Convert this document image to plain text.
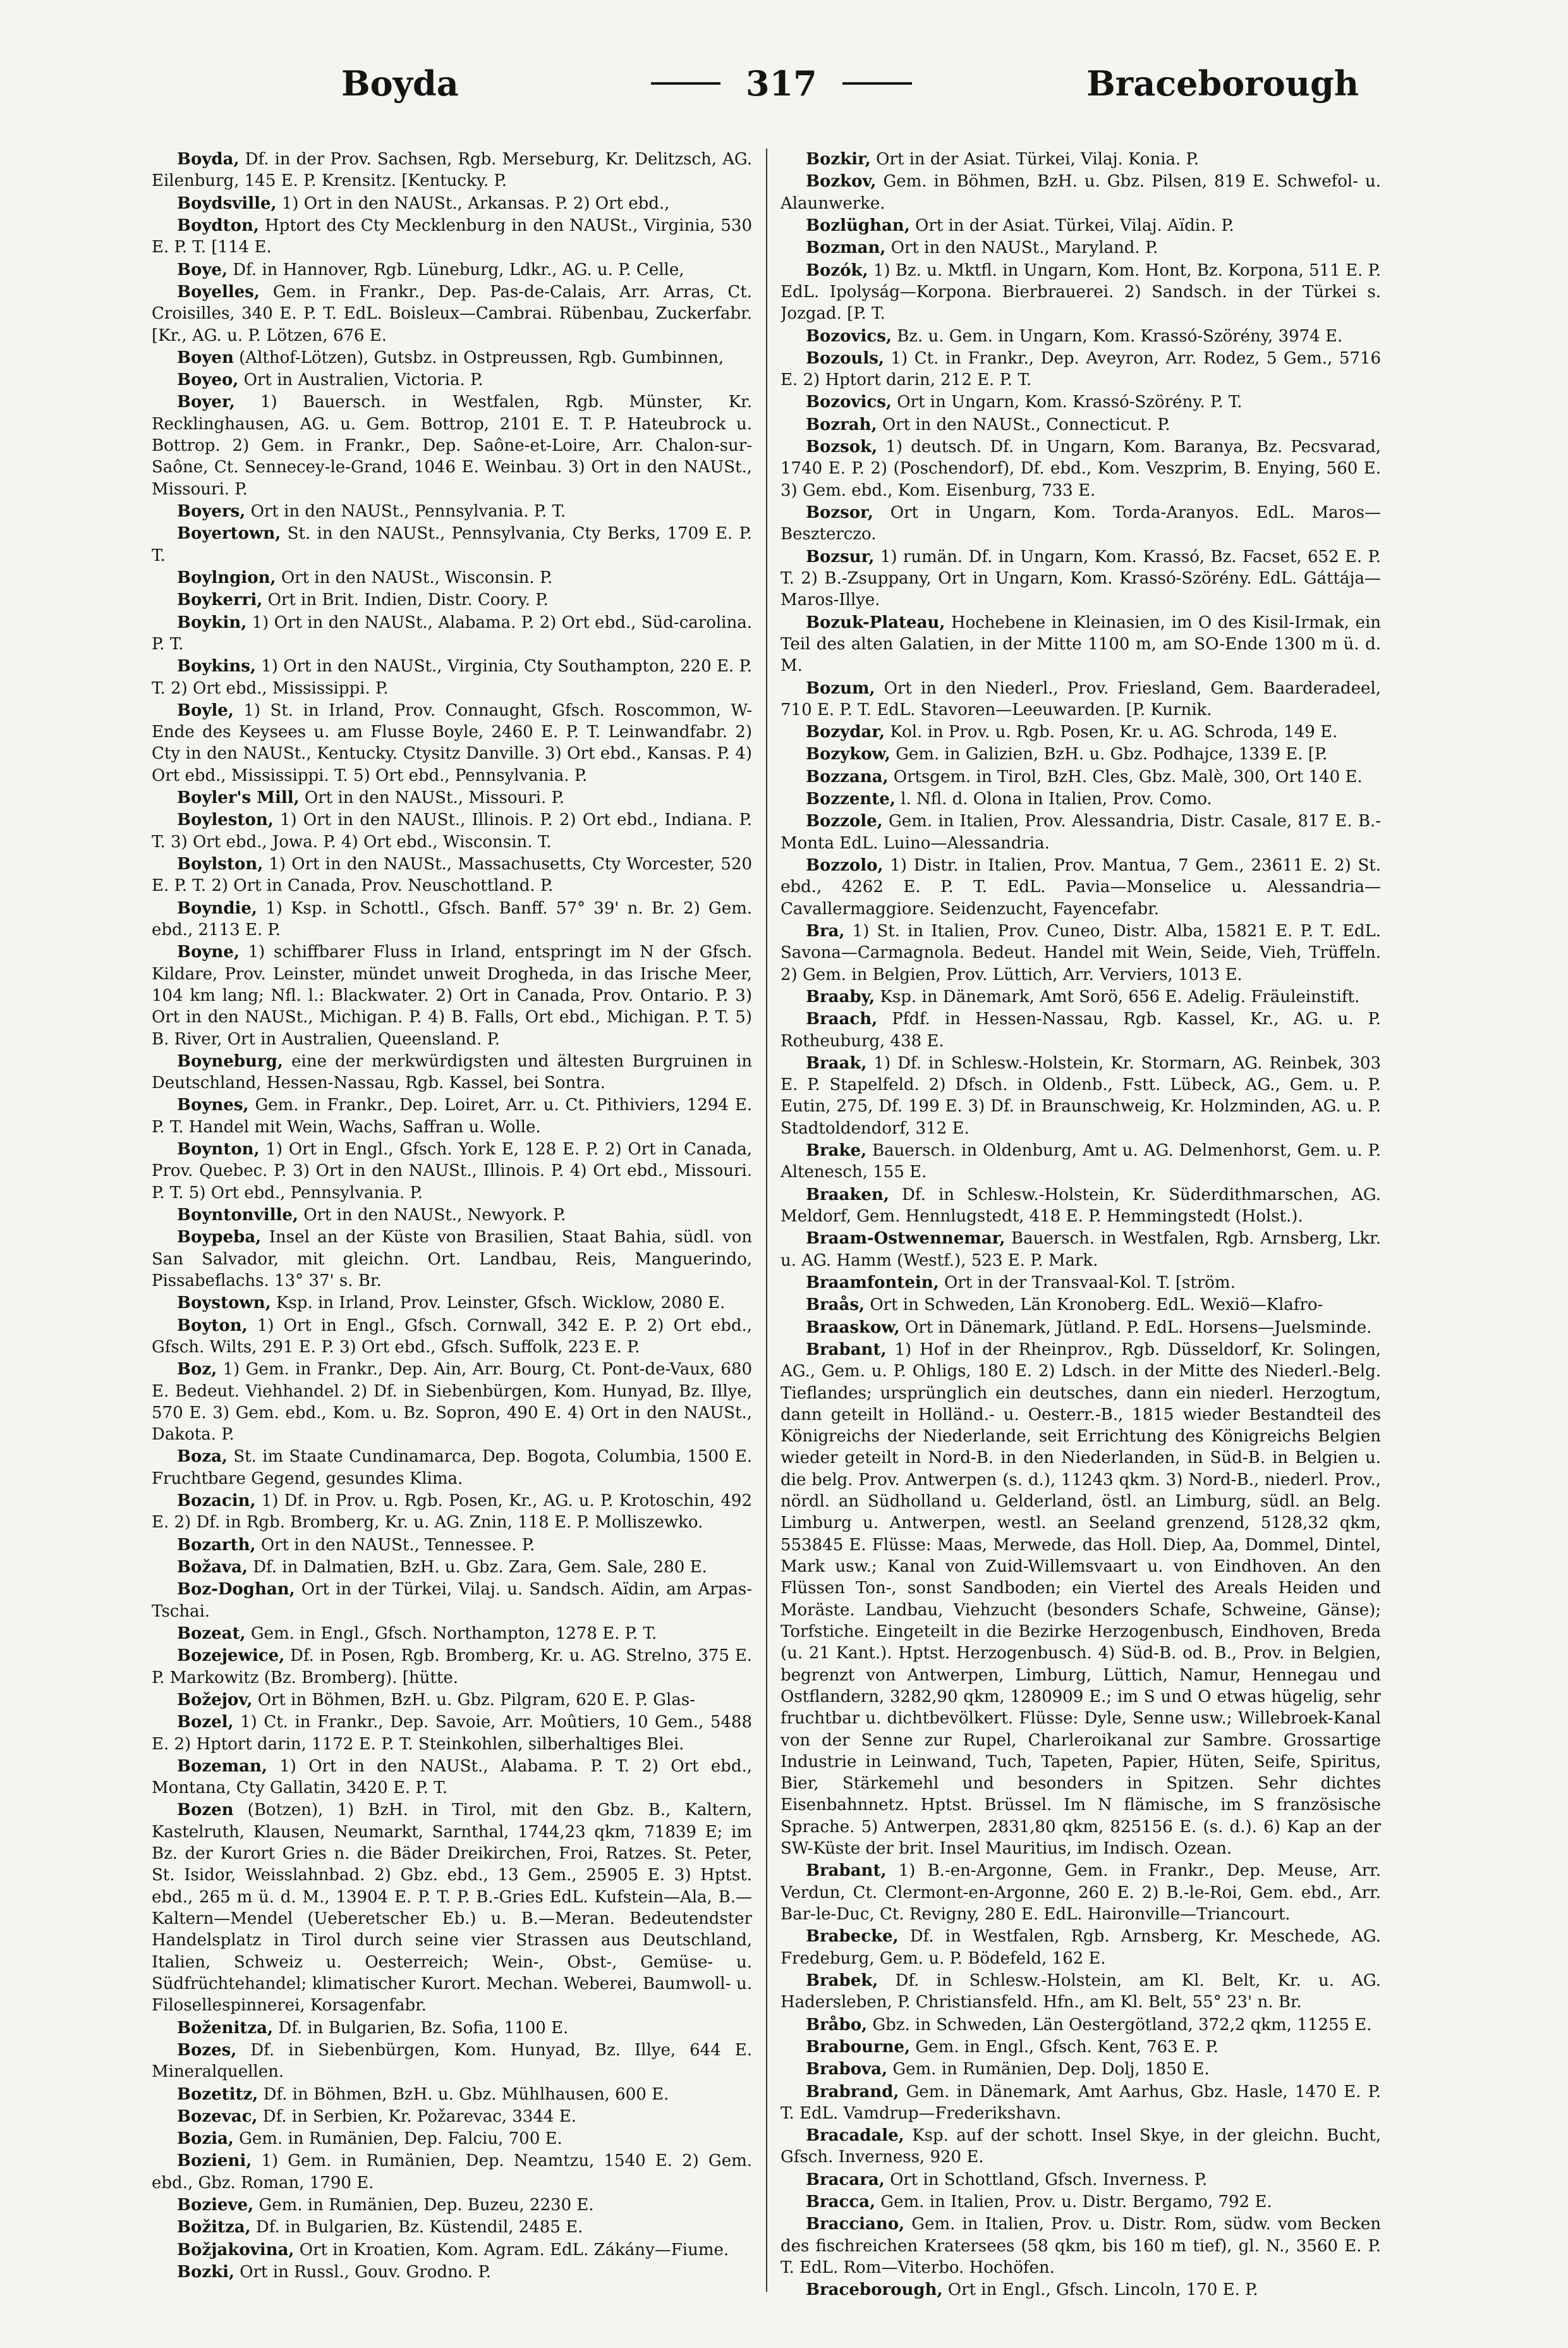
Boyda	317	Braceborough

Boyda, Df. in der Prov. Sachsen, Rgb. Merseburg, Kr. Delitzsch, AG. Eilenburg, 145 E. P. Krensitz. [Kentucky. P.

Boydsville, 1) Ort in den NAUSt., Arkansas. P. 2) Ort ebd.,

Boydton, Hptort des Cty Mecklenburg in den NAUSt., Virginia, 530 E. P. T. [114 E.

Boye, Df. in Hannover, Rgb. Lüneburg, Ldkr., AG. u. P. Celle,

Boyelles, Gem. in Frankr., Dep. Pas-de-Calais, Arr. Arras, Ct. Croisilles, 340 E. P. T. EdL. Boisleux—Cambrai. Rübenbau, Zuckerfabr. [Kr., AG. u. P. Lötzen, 676 E.

Boyen (Althof-Lötzen), Gutsbz. in Ostpreussen, Rgb. Gumbinnen,

Boyeo, Ort in Australien, Victoria. P.

Boyer, 1) Bauersch. in Westfalen, Rgb. Münster, Kr. Recklinghausen, AG. u. Gem. Bottrop, 2101 E. T. P. Hateubrock u. Bottrop. 2) Gem. in Frankr., Dep. Saône-et-Loire, Arr. Chalon-sur-Saône, Ct. Sennecey-le-Grand, 1046 E. Weinbau. 3) Ort in den NAUSt., Missouri. P.

Boyers, Ort in den NAUSt., Pennsylvania. P. T.

Boyertown, St. in den NAUSt., Pennsylvania, Cty Berks, 1709 E. P. T.

Boylngion, Ort in den NAUSt., Wisconsin. P.

Boykerri, Ort in Brit. Indien, Distr. Coory. P.

Boykin, 1) Ort in den NAUSt., Alabama. P. 2) Ort ebd., Süd-carolina. P. T.

Boykins, 1) Ort in den NAUSt., Virginia, Cty Southampton, 220 E. P. T. 2) Ort ebd., Mississippi. P.

Boyle, 1) St. in Irland, Prov. Connaught, Gfsch. Roscommon, W-Ende des Keysees u. am Flusse Boyle, 2460 E. P. T. Leinwandfabr. 2) Cty in den NAUSt., Kentucky. Ctysitz Danville. 3) Ort ebd., Kansas. P. 4) Ort ebd., Mississippi. T. 5) Ort ebd., Pennsylvania. P.

Boyler's Mill, Ort in den NAUSt., Missouri. P.

Boyleston, 1) Ort in den NAUSt., Illinois. P. 2) Ort ebd., Indiana. P. T. 3) Ort ebd., Jowa. P. 4) Ort ebd., Wisconsin. T.

Boylston, 1) Ort in den NAUSt., Massachusetts, Cty Worcester, 520 E. P. T. 2) Ort in Canada, Prov. Neuschottland. P.

Boyndie, 1) Ksp. in Schottl., Gfsch. Banff. 57° 39' n. Br. 2) Gem. ebd., 2113 E. P.

Boyne, 1) schiffbarer Fluss in Irland, entspringt im N der Gfsch. Kildare, Prov. Leinster, mündet unweit Drogheda, in das Irische Meer, 104 km lang; Nfl. l.: Blackwater. 2) Ort in Canada, Prov. Ontario. P. 3) Ort in den NAUSt., Michigan. P. 4) B. Falls, Ort ebd., Michigan. P. T. 5) B. River, Ort in Australien, Queensland. P.

Boyneburg, eine der merkwürdigsten und ältesten Burgruinen in Deutschland, Hessen-Nassau, Rgb. Kassel, bei Sontra.

Boynes, Gem. in Frankr., Dep. Loiret, Arr. u. Ct. Pithiviers, 1294 E. P. T. Handel mit Wein, Wachs, Saffran u. Wolle.

Boynton, 1) Ort in Engl., Gfsch. York E, 128 E. P. 2) Ort in Canada, Prov. Quebec. P. 3) Ort in den NAUSt., Illinois. P. 4) Ort ebd., Missouri. P. T. 5) Ort ebd., Pennsylvania. P.

Boyntonville, Ort in den NAUSt., Newyork. P.

Boypeba, Insel an der Küste von Brasilien, Staat Bahia, südl. von San Salvador, mit gleichn. Ort. Landbau, Reis, Manguerindo, Pissabeflachs. 13° 37' s. Br.

Boystown, Ksp. in Irland, Prov. Leinster, Gfsch. Wicklow, 2080 E.

Boyton, 1) Ort in Engl., Gfsch. Cornwall, 342 E. P. 2) Ort ebd., Gfsch. Wilts, 291 E. P. 3) Ort ebd., Gfsch. Suffolk, 223 E. P.

Boz, 1) Gem. in Frankr., Dep. Ain, Arr. Bourg, Ct. Pont-de-Vaux, 680 E. Bedeut. Viehhandel. 2) Df. in Siebenbürgen, Kom. Hunyad, Bz. Illye, 570 E. 3) Gem. ebd., Kom. u. Bz. Sopron, 490 E. 4) Ort in den NAUSt., Dakota. P.

Boza, St. im Staate Cundinamarca, Dep. Bogota, Columbia, 1500 E. Fruchtbare Gegend, gesundes Klima.

Bozacin, 1) Df. in Prov. u. Rgb. Posen, Kr., AG. u. P. Krotoschin, 492 E. 2) Df. in Rgb. Bromberg, Kr. u. AG. Znin, 118 E. P. Molliszewko.

Bozarth, Ort in den NAUSt., Tennessee. P.

Božava, Df. in Dalmatien, BzH. u. Gbz. Zara, Gem. Sale, 280 E.

Boz-Doghan, Ort in der Türkei, Vilaj. u. Sandsch. Aïdin, am Arpas-Tschai.

Bozeat, Gem. in Engl., Gfsch. Northampton, 1278 E. P. T.

Bozejewice, Df. in Posen, Rgb. Bromberg, Kr. u. AG. Strelno, 375 E. P. Markowitz (Bz. Bromberg). [hütte.

Božejov, Ort in Böhmen, BzH. u. Gbz. Pilgram, 620 E. P. Glas-

Bozel, 1) Ct. in Frankr., Dep. Savoie, Arr. Moûtiers, 10 Gem., 5488 E. 2) Hptort darin, 1172 E. P. T. Steinkohlen, silberhaltiges Blei.

Bozeman, 1) Ort in den NAUSt., Alabama. P. T. 2) Ort ebd., Montana, Cty Gallatin, 3420 E. P. T.

Bozen (Botzen), 1) BzH. in Tirol, mit den Gbz. B., Kaltern, Kastelruth, Klausen, Neumarkt, Sarnthal, 1744,23 qkm, 71839 E; im Bz. der Kurort Gries n. die Bäder Dreikirchen, Froi, Ratzes. St. Peter, St. Isidor, Weisslahnbad. 2) Gbz. ebd., 13 Gem., 25905 E. 3) Hptst. ebd., 265 m ü. d. M., 13904 E. P. T. P. B.-Gries EdL. Kufstein—Ala, B.—Kaltern—Mendel (Ueberetscher Eb.) u. B.—Meran. Bedeutendster Handelsplatz in Tirol durch seine vier Strassen aus Deutschland, Italien, Schweiz u. Oesterreich; Wein-, Obst-, Gemüse- u. Südfrüchtehandel; klimatischer Kurort. Mechan. Weberei, Baumwoll- u. Filosellespinnerei, Korsagenfabr.

Boženitza, Df. in Bulgarien, Bz. Sofia, 1100 E.

Bozes, Df. in Siebenbürgen, Kom. Hunyad, Bz. Illye, 644 E. Mineralquellen.

Bozetitz, Df. in Böhmen, BzH. u. Gbz. Mühlhausen, 600 E.

Bozevac, Df. in Serbien, Kr. Požarevac, 3344 E.

Bozia, Gem. in Rumänien, Dep. Falciu, 700 E.

Bozieni, 1) Gem. in Rumänien, Dep. Neamtzu, 1540 E. 2) Gem. ebd., Gbz. Roman, 1790 E.

Bozieve, Gem. in Rumänien, Dep. Buzeu, 2230 E.

Božitza, Df. in Bulgarien, Bz. Küstendil, 2485 E.

Božjakovina, Ort in Kroatien, Kom. Agram. EdL. Zákány—Fiume.

Bozki, Ort in Russl., Gouv. Grodno. P.

Bozkir, Ort in der Asiat. Türkei, Vilaj. Konia. P.

Bozkov, Gem. in Böhmen, BzH. u. Gbz. Pilsen, 819 E. Schwefol- u. Alaunwerke.

Bozlüghan, Ort in der Asiat. Türkei, Vilaj. Aïdin. P.

Bozman, Ort in den NAUSt., Maryland. P.

Bozók, 1) Bz. u. Mktfl. in Ungarn, Kom. Hont, Bz. Korpona, 511 E. P. EdL. Ipolyság—Korpona. Bierbrauerei. 2) Sandsch. in der Türkei s. Jozgad. [P. T.

Bozovics, Bz. u. Gem. in Ungarn, Kom. Krassó-Szörény, 3974 E.

Bozouls, 1) Ct. in Frankr., Dep. Aveyron, Arr. Rodez, 5 Gem., 5716 E. 2) Hptort darin, 212 E. P. T.

Bozovics, Ort in Ungarn, Kom. Krassó-Szörény. P. T.

Bozrah, Ort in den NAUSt., Connecticut. P.

Bozsok, 1) deutsch. Df. in Ungarn, Kom. Baranya, Bz. Pecsvarad, 1740 E. P. 2) (Poschendorf), Df. ebd., Kom. Veszprim, B. Enying, 560 E. 3) Gem. ebd., Kom. Eisenburg, 733 E.

Bozsor, Ort in Ungarn, Kom. Torda-Aranyos. EdL. Maros—Beszterczo.

Bozsur, 1) rumän. Df. in Ungarn, Kom. Krassó, Bz. Facset, 652 E. P. T. 2) B.-Zsuppany, Ort in Ungarn, Kom. Krassó-Szörény. EdL. Gáttája—Maros-Illye.

Bozuk-Plateau, Hochebene in Kleinasien, im O des Kisil-Irmak, ein Teil des alten Galatien, in der Mitte 1100 m, am SO-Ende 1300 m ü. d. M.

Bozum, Ort in den Niederl., Prov. Friesland, Gem. Baarderadeel, 710 E. P. T. EdL. Stavoren—Leeuwarden. [P. Kurnik.

Bozydar, Kol. in Prov. u. Rgb. Posen, Kr. u. AG. Schroda, 149 E.

Bozykow, Gem. in Galizien, BzH. u. Gbz. Podhajce, 1339 E. [P.

Bozzana, Ortsgem. in Tirol, BzH. Cles, Gbz. Malè, 300, Ort 140 E.

Bozzente, l. Nfl. d. Olona in Italien, Prov. Como.

Bozzole, Gem. in Italien, Prov. Alessandria, Distr. Casale, 817 E. B.-Monta EdL. Luino—Alessandria.

Bozzolo, 1) Distr. in Italien, Prov. Mantua, 7 Gem., 23611 E. 2) St. ebd., 4262 E. P. T. EdL. Pavia—Monselice u. Alessandria—Cavallermaggiore. Seidenzucht, Fayencefabr.

Bra, 1) St. in Italien, Prov. Cuneo, Distr. Alba, 15821 E. P. T. EdL. Savona—Carmagnola. Bedeut. Handel mit Wein, Seide, Vieh, Trüffeln. 2) Gem. in Belgien, Prov. Lüttich, Arr. Verviers, 1013 E.

Braaby, Ksp. in Dänemark, Amt Sorö, 656 E. Adelig. Fräuleinstift.

Braach, Pfdf. in Hessen-Nassau, Rgb. Kassel, Kr., AG. u. P. Rotheuburg, 438 E.

Braak, 1) Df. in Schlesw.-Holstein, Kr. Stormarn, AG. Reinbek, 303 E. P. Stapelfeld. 2) Dfsch. in Oldenb., Fstt. Lübeck, AG., Gem. u. P. Eutin, 275, Df. 199 E. 3) Df. in Braunschweig, Kr. Holzminden, AG. u. P. Stadtoldendorf, 312 E.

Brake, Bauersch. in Oldenburg, Amt u. AG. Delmenhorst, Gem. u. P. Altenesch, 155 E.

Braaken, Df. in Schlesw.-Holstein, Kr. Süderdithmarschen, AG. Meldorf, Gem. Hennlugstedt, 418 E. P. Hemmingstedt (Holst.).

Braam-Ostwennemar, Bauersch. in Westfalen, Rgb. Arnsberg, Lkr. u. AG. Hamm (Westf.), 523 E. P. Mark.

Braamfontein, Ort in der Transvaal-Kol. T. [ström.

Braås, Ort in Schweden, Län Kronoberg. EdL. Wexiö—Klafro-

Braaskow, Ort in Dänemark, Jütland. P. EdL. Horsens—Juelsminde.

Brabant, 1) Hof in der Rheinprov., Rgb. Düsseldorf, Kr. Solingen, AG., Gem. u. P. Ohligs, 180 E. 2) Ldsch. in der Mitte des Niederl.-Belg. Tieflandes; ursprünglich ein deutsches, dann ein niederl. Herzogtum, dann geteilt in Holländ.- u. Oesterr.-B., 1815 wieder Bestandteil des Königreichs der Niederlande, seit Errichtung des Königreichs Belgien wieder geteilt in Nord-B. in den Niederlanden, in Süd-B. in Belgien u. die belg. Prov. Antwerpen (s. d.), 11243 qkm. 3) Nord-B., niederl. Prov., nördl. an Südholland u. Gelderland, östl. an Limburg, südl. an Belg. Limburg u. Antwerpen, westl. an Seeland grenzend, 5128,32 qkm, 553845 E. Flüsse: Maas, Merwede, das Holl. Diep, Aa, Dommel, Dintel, Mark usw.; Kanal von Zuid-Willemsvaart u. von Eindhoven. An den Flüssen Ton-, sonst Sandboden; ein Viertel des Areals Heiden und Moräste. Landbau, Viehzucht (besonders Schafe, Schweine, Gänse); Torfstiche. Eingeteilt in die Bezirke Herzogenbusch, Eindhoven, Breda (u. 21 Kant.). Hptst. Herzogenbusch. 4) Süd-B. od. B., Prov. in Belgien, begrenzt von Antwerpen, Limburg, Lüttich, Namur, Hennegau und Ostflandern, 3282,90 qkm, 1280909 E.; im S und O etwas hügelig, sehr fruchtbar u. dichtbevölkert. Flüsse: Dyle, Senne usw.; Willebroek-Kanal von der Senne zur Rupel, Charleroikanal zur Sambre. Grossartige Industrie in Leinwand, Tuch, Tapeten, Papier, Hüten, Seife, Spiritus, Bier, Stärkemehl und besonders in Spitzen. Sehr dichtes Eisenbahnnetz. Hptst. Brüssel. Im N flämische, im S französische Sprache. 5) Antwerpen, 2831,80 qkm, 825156 E. (s. d.). 6) Kap an der SW-Küste der brit. Insel Mauritius, im Indisch. Ozean.

Brabant, 1) B.-en-Argonne, Gem. in Frankr., Dep. Meuse, Arr. Verdun, Ct. Clermont-en-Argonne, 260 E. 2) B.-le-Roi, Gem. ebd., Arr. Bar-le-Duc, Ct. Revigny, 280 E. EdL. Haironville—Triancourt.

Brabecke, Df. in Westfalen, Rgb. Arnsberg, Kr. Meschede, AG. Fredeburg, Gem. u. P. Bödefeld, 162 E.

Brabek, Df. in Schlesw.-Holstein, am Kl. Belt, Kr. u. AG. Hadersleben, P. Christiansfeld. Hfn., am Kl. Belt, 55° 23' n. Br.

Bråbo, Gbz. in Schweden, Län Oestergötland, 372,2 qkm, 11255 E.

Brabourne, Gem. in Engl., Gfsch. Kent, 763 E. P.

Brabova, Gem. in Rumänien, Dep. Dolj, 1850 E.

Brabrand, Gem. in Dänemark, Amt Aarhus, Gbz. Hasle, 1470 E. P. T. EdL. Vamdrup—Frederikshavn.

Bracadale, Ksp. auf der schott. Insel Skye, in der gleichn. Bucht, Gfsch. Inverness, 920 E.

Bracara, Ort in Schottland, Gfsch. Inverness. P.

Bracca, Gem. in Italien, Prov. u. Distr. Bergamo, 792 E.

Bracciano, Gem. in Italien, Prov. u. Distr. Rom, südw. vom Becken des fischreichen Kratersees (58 qkm, bis 160 m tief), gl. N., 3560 E. P. T. EdL. Rom—Viterbo. Hochöfen.

Braceborough, Ort in Engl., Gfsch. Lincoln, 170 E. P.
